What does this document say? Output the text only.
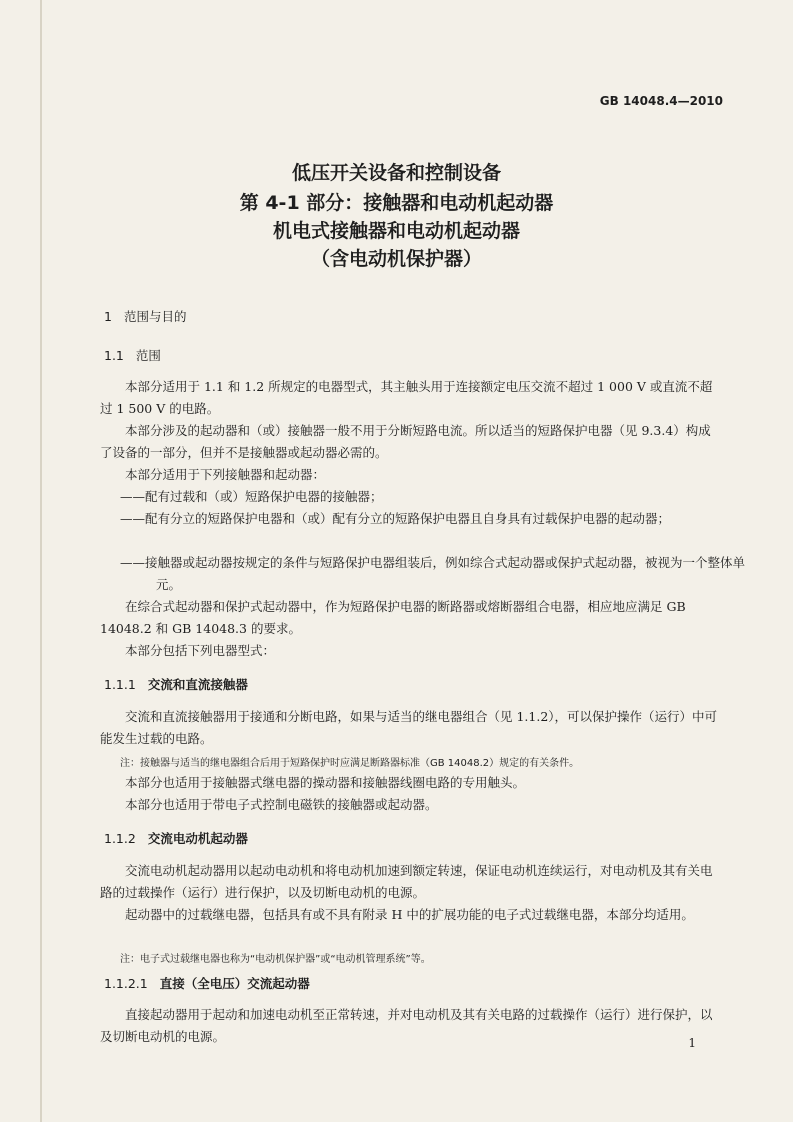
GB 14048.4—2010
低压开关设备和控制设备
第 4-1 部分：接触器和电动机起动器
机电式接触器和电动机起动器
（含电动机保护器）
1 范围与目的
1.1 范围
本部分适用于 1.1 和 1.2 所规定的电器型式，其主触头用于连接额定电压交流不超过 1 000 V 或直流不超过 1 500 V 的电路。
本部分涉及的起动器和（或）接触器一般不用于分断短路电流。所以适当的短路保护电器（见 9.3.4）构成了设备的一部分，但并不是接触器或起动器必需的。
本部分适用于下列接触器和起动器：
——配有过载和（或）短路保护电器的接触器；
——配有分立的短路保护电器和（或）配有分立的短路保护电器且自身具有过载保护电器的起动器；
——接触器或起动器按规定的条件与短路保护电器组装后，例如综合式起动器或保护式起动器，被视为一个整体单元。
在综合式起动器和保护式起动器中，作为短路保护电器的断路器或熔断器组合电器，相应地应满足 GB 14048.2 和 GB 14048.3 的要求。
本部分包括下列电器型式：
1.1.1 交流和直流接触器
交流和直流接触器用于接通和分断电路，如果与适当的继电器组合（见 1.1.2），可以保护操作（运行）中可能发生过载的电路。
注：接触器与适当的继电器组合后用于短路保护时应满足断路器标准（GB 14048.2）规定的有关条件。
本部分也适用于接触器式继电器的操动器和接触器线圈电路的专用触头。
本部分也适用于带电子式控制电磁铁的接触器或起动器。
1.1.2 交流电动机起动器
交流电动机起动器用以起动电动机和将电动机加速到额定转速，保证电动机连续运行，对电动机及其有关电路的过载操作（运行）进行保护，以及切断电动机的电源。
起动器中的过载继电器，包括具有或不具有附录 H 中的扩展功能的电子式过载继电器，本部分均适用。
注：电子式过载继电器也称为“电动机保护器”或“电动机管理系统”等。
1.1.2.1 直接（全电压）交流起动器
直接起动器用于起动和加速电动机至正常转速，并对电动机及其有关电路的过载操作（运行）进行保护，以及切断电动机的电源。	1
